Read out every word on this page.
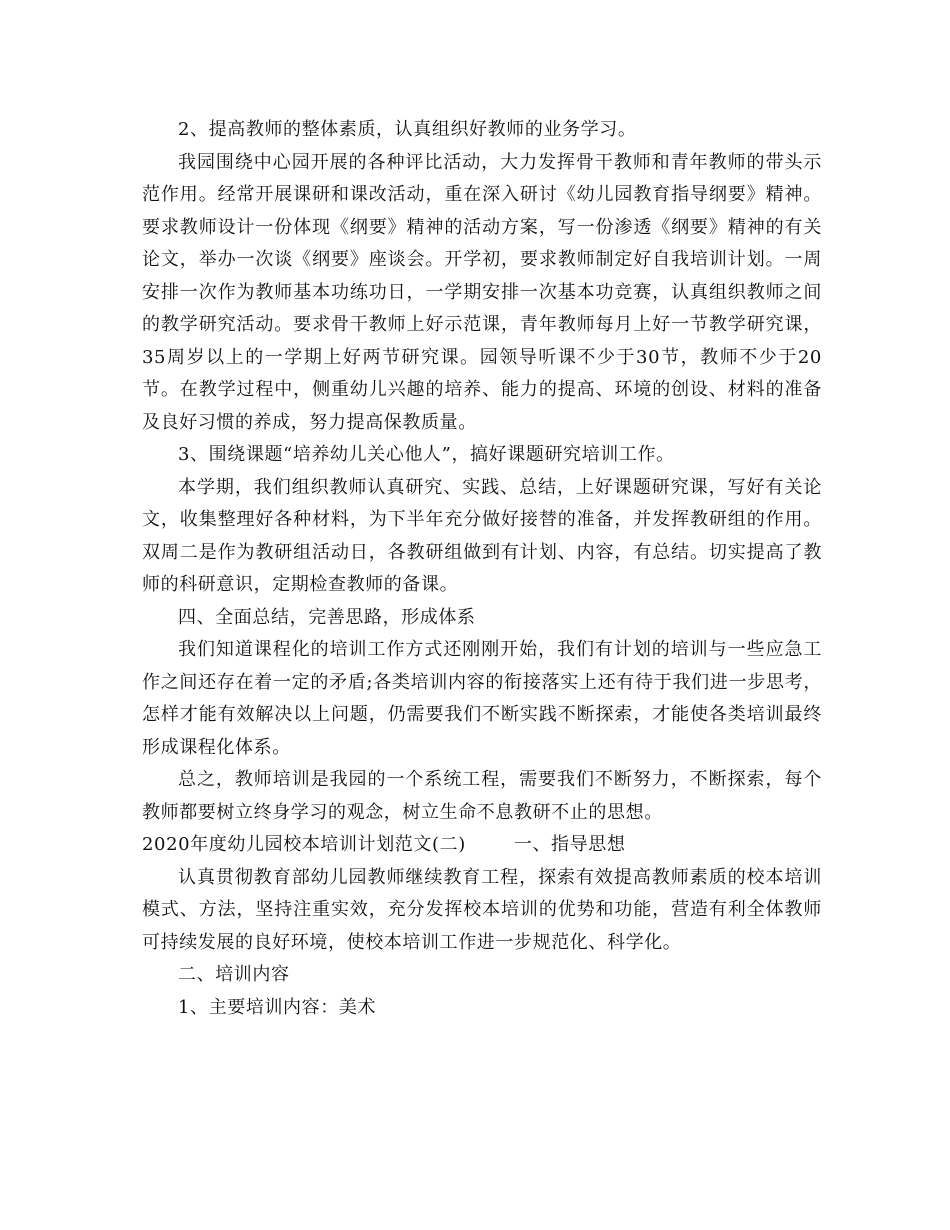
2、提高教师的整体素质，认真组织好教师的业务学习。

我园围绕中心园开展的各种评比活动，大力发挥骨干教师和青年教师的带头示范作用。经常开展课研和课改活动，重在深入研讨《幼儿园教育指导纲要》精神。要求教师设计一份体现《纲要》精神的活动方案，写一份渗透《纲要》精神的有关论文，举办一次谈《纲要》座谈会。开学初，要求教师制定好自我培训计划。一周安排一次作为教师基本功练功日，一学期安排一次基本功竞赛，认真组织教师之间的教学研究活动。要求骨干教师上好示范课，青年教师每月上好一节教学研究课，35周岁以上的一学期上好两节研究课。园领导听课不少于30节，教师不少于20节。在教学过程中，侧重幼儿兴趣的培养、能力的提高、环境的创设、材料的准备及良好习惯的养成，努力提高保教质量。

3、围绕课题“培养幼儿关心他人”，搞好课题研究培训工作。

本学期，我们组织教师认真研究、实践、总结，上好课题研究课，写好有关论文，收集整理好各种材料，为下半年充分做好接替的准备，并发挥教研组的作用。双周二是作为教研组活动日，各教研组做到有计划、内容，有总结。切实提高了教师的科研意识，定期检查教师的备课。

四、全面总结，完善思路，形成体系

我们知道课程化的培训工作方式还刚刚开始，我们有计划的培训与一些应急工作之间还存在着一定的矛盾;各类培训内容的衔接落实上还有待于我们进一步思考，怎样才能有效解决以上问题，仍需要我们不断实践不断探索，才能使各类培训最终形成课程化体系。

总之，教师培训是我园的一个系统工程，需要我们不断努力，不断探索，每个教师都要树立终身学习的观念，树立生命不息教研不止的思想。

2020年度幼儿园校本培训计划范文(二)	一、指导思想

认真贯彻教育部幼儿园教师继续教育工程，探索有效提高教师素质的校本培训模式、方法，坚持注重实效，充分发挥校本培训的优势和功能，营造有利全体教师可持续发展的良好环境，使校本培训工作进一步规范化、科学化。

二、培训内容

1、主要培训内容：美术
